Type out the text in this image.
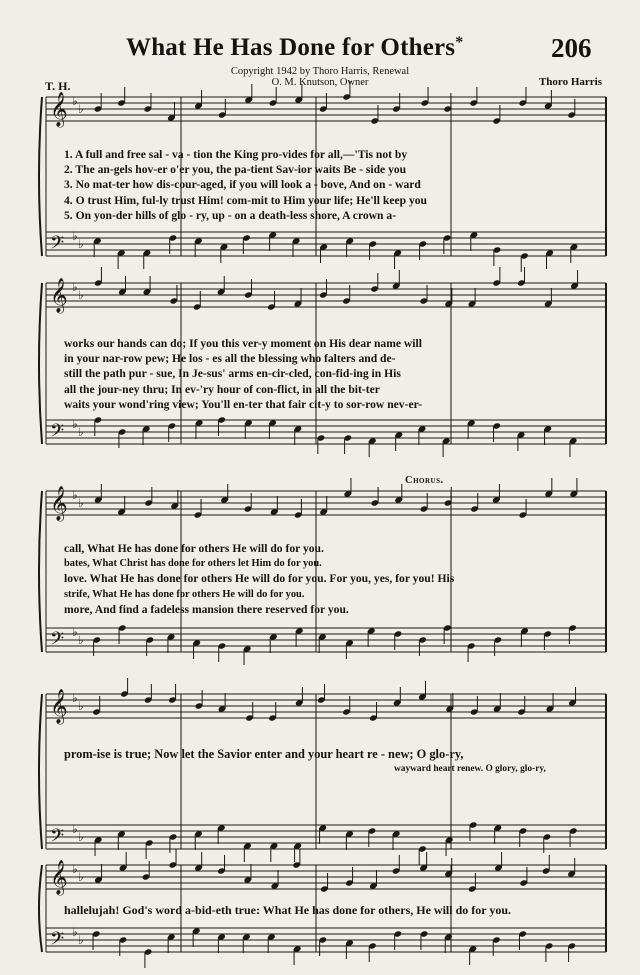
What He Has Done for Others*	206
Copyright 1942 by Thoro Harris, Renewal
O. M. Knutson, Owner
T. H.	Thoro Harris
𝄞 ♭
♭
𝄢 ♭
♭
𝄞 ♭
♭
𝄢 ♭
♭
𝄞 ♭
♭
𝄢 ♭
♭
𝄞 ♭
♭
𝄢 ♭
♭
𝄞 ♭
♭
𝄢 ♭
♭
1. A full and free sal - va - tion the King pro-vides for all,—'Tis not by
2. The an-gels hov-er o'er you, the pa-tient Sav-ior waits Be - side you
3. No mat-ter how dis-cour-aged, if you will look a - bove, And on - ward
4. O trust Him, ful-ly trust Him! com-mit to Him your life; He'll keep you
5. On yon-der hills of glo - ry, up - on a death-less shore, A crown a-
works our hands can do; If you this ver-y moment on His dear name will
in your nar-row pew; He los - es all the blessing who falters and de-
still the path pur - sue, In Je-sus' arms en-cir-cled, con-fid-ing in His
all the jour-ney thru; In ev-'ry hour of con-flict, in all the bit-ter
waits your wond'ring view; You'll en-ter that fair cit-y to sor-row nev-er-
Chorus.
call, What He has done for others He will do for you.
bates, What Christ has done for others let Him do for you.
love. What He has done for others He will do for you. For you, yes, for you! His
strife, What He has done for others He will do for you.
more, And find a fadeless mansion there reserved for you.
prom-ise is true; Now let the Savior enter and your heart re - new; O glo-ry,
wayward heart renew. O glory, glo-ry,
hallelujah! God's word a-bid-eth true: What He has done for others, He will do for you.
